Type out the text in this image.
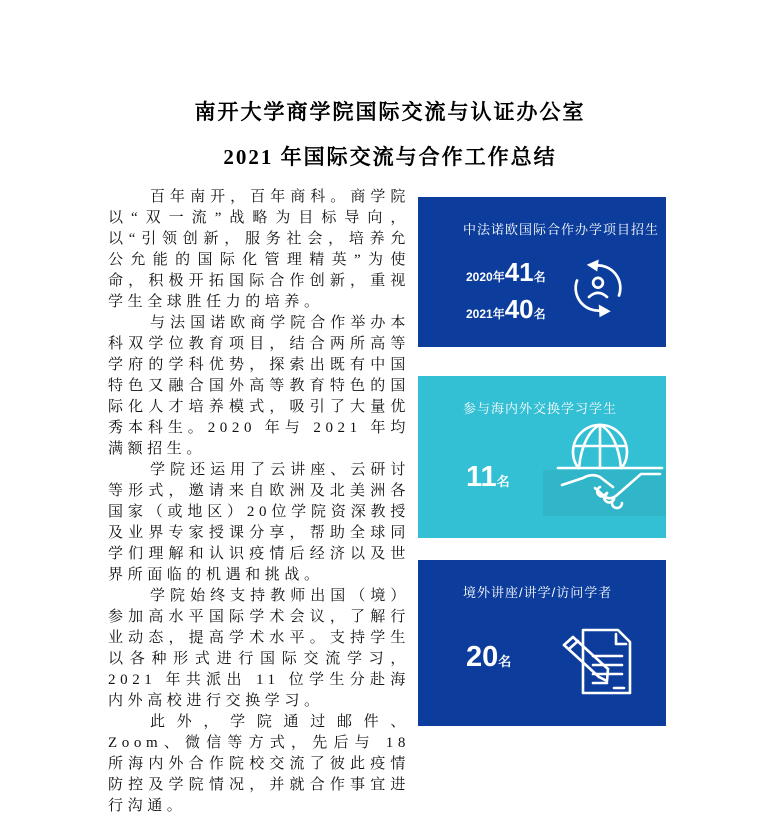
南开大学商学院国际交流与认证办公室
2021 年国际交流与合作工作总结

百年南开，百年商科。商学院以“双一流”战略为目标导向，以“引领创新，服务社会，培养允公允能的国际化管理精英”为使命，积极开拓国际合作创新，重视学生全球胜任力的培养。

与法国诺欧商学院合作举办本科双学位教育项目，结合两所高等学府的学科优势，探索出既有中国特色又融合国外高等教育特色的国际化人才培养模式，吸引了大量优秀本科生。2020 年与 2021 年均满额招生。

学院还运用了云讲座、云研讨等形式，邀请来自欧洲及北美洲各国家（或地区）20位学院资深教授及业界专家授课分享，帮助全球同学们理解和认识疫情后经济以及世界所面临的机遇和挑战。

学院始终支持教师出国（境）参加高水平国际学术会议，了解行业动态，提高学术水平。支持学生以各种形式进行国际交流学习，2021 年共派出 11 位学生分赴海内外高校进行交换学习。

此外，学院通过邮件、Zoom、微信等方式，先后与 18 所海内外合作院校交流了彼此疫情防控及学院情况，并就合作事宜进行沟通。

中法诺欧国际合作办学项目招生
2020年 41 名
2021年 40 名
参与海内外交换学习学生
11 名
境外讲座/讲学/访问学者
20 名
